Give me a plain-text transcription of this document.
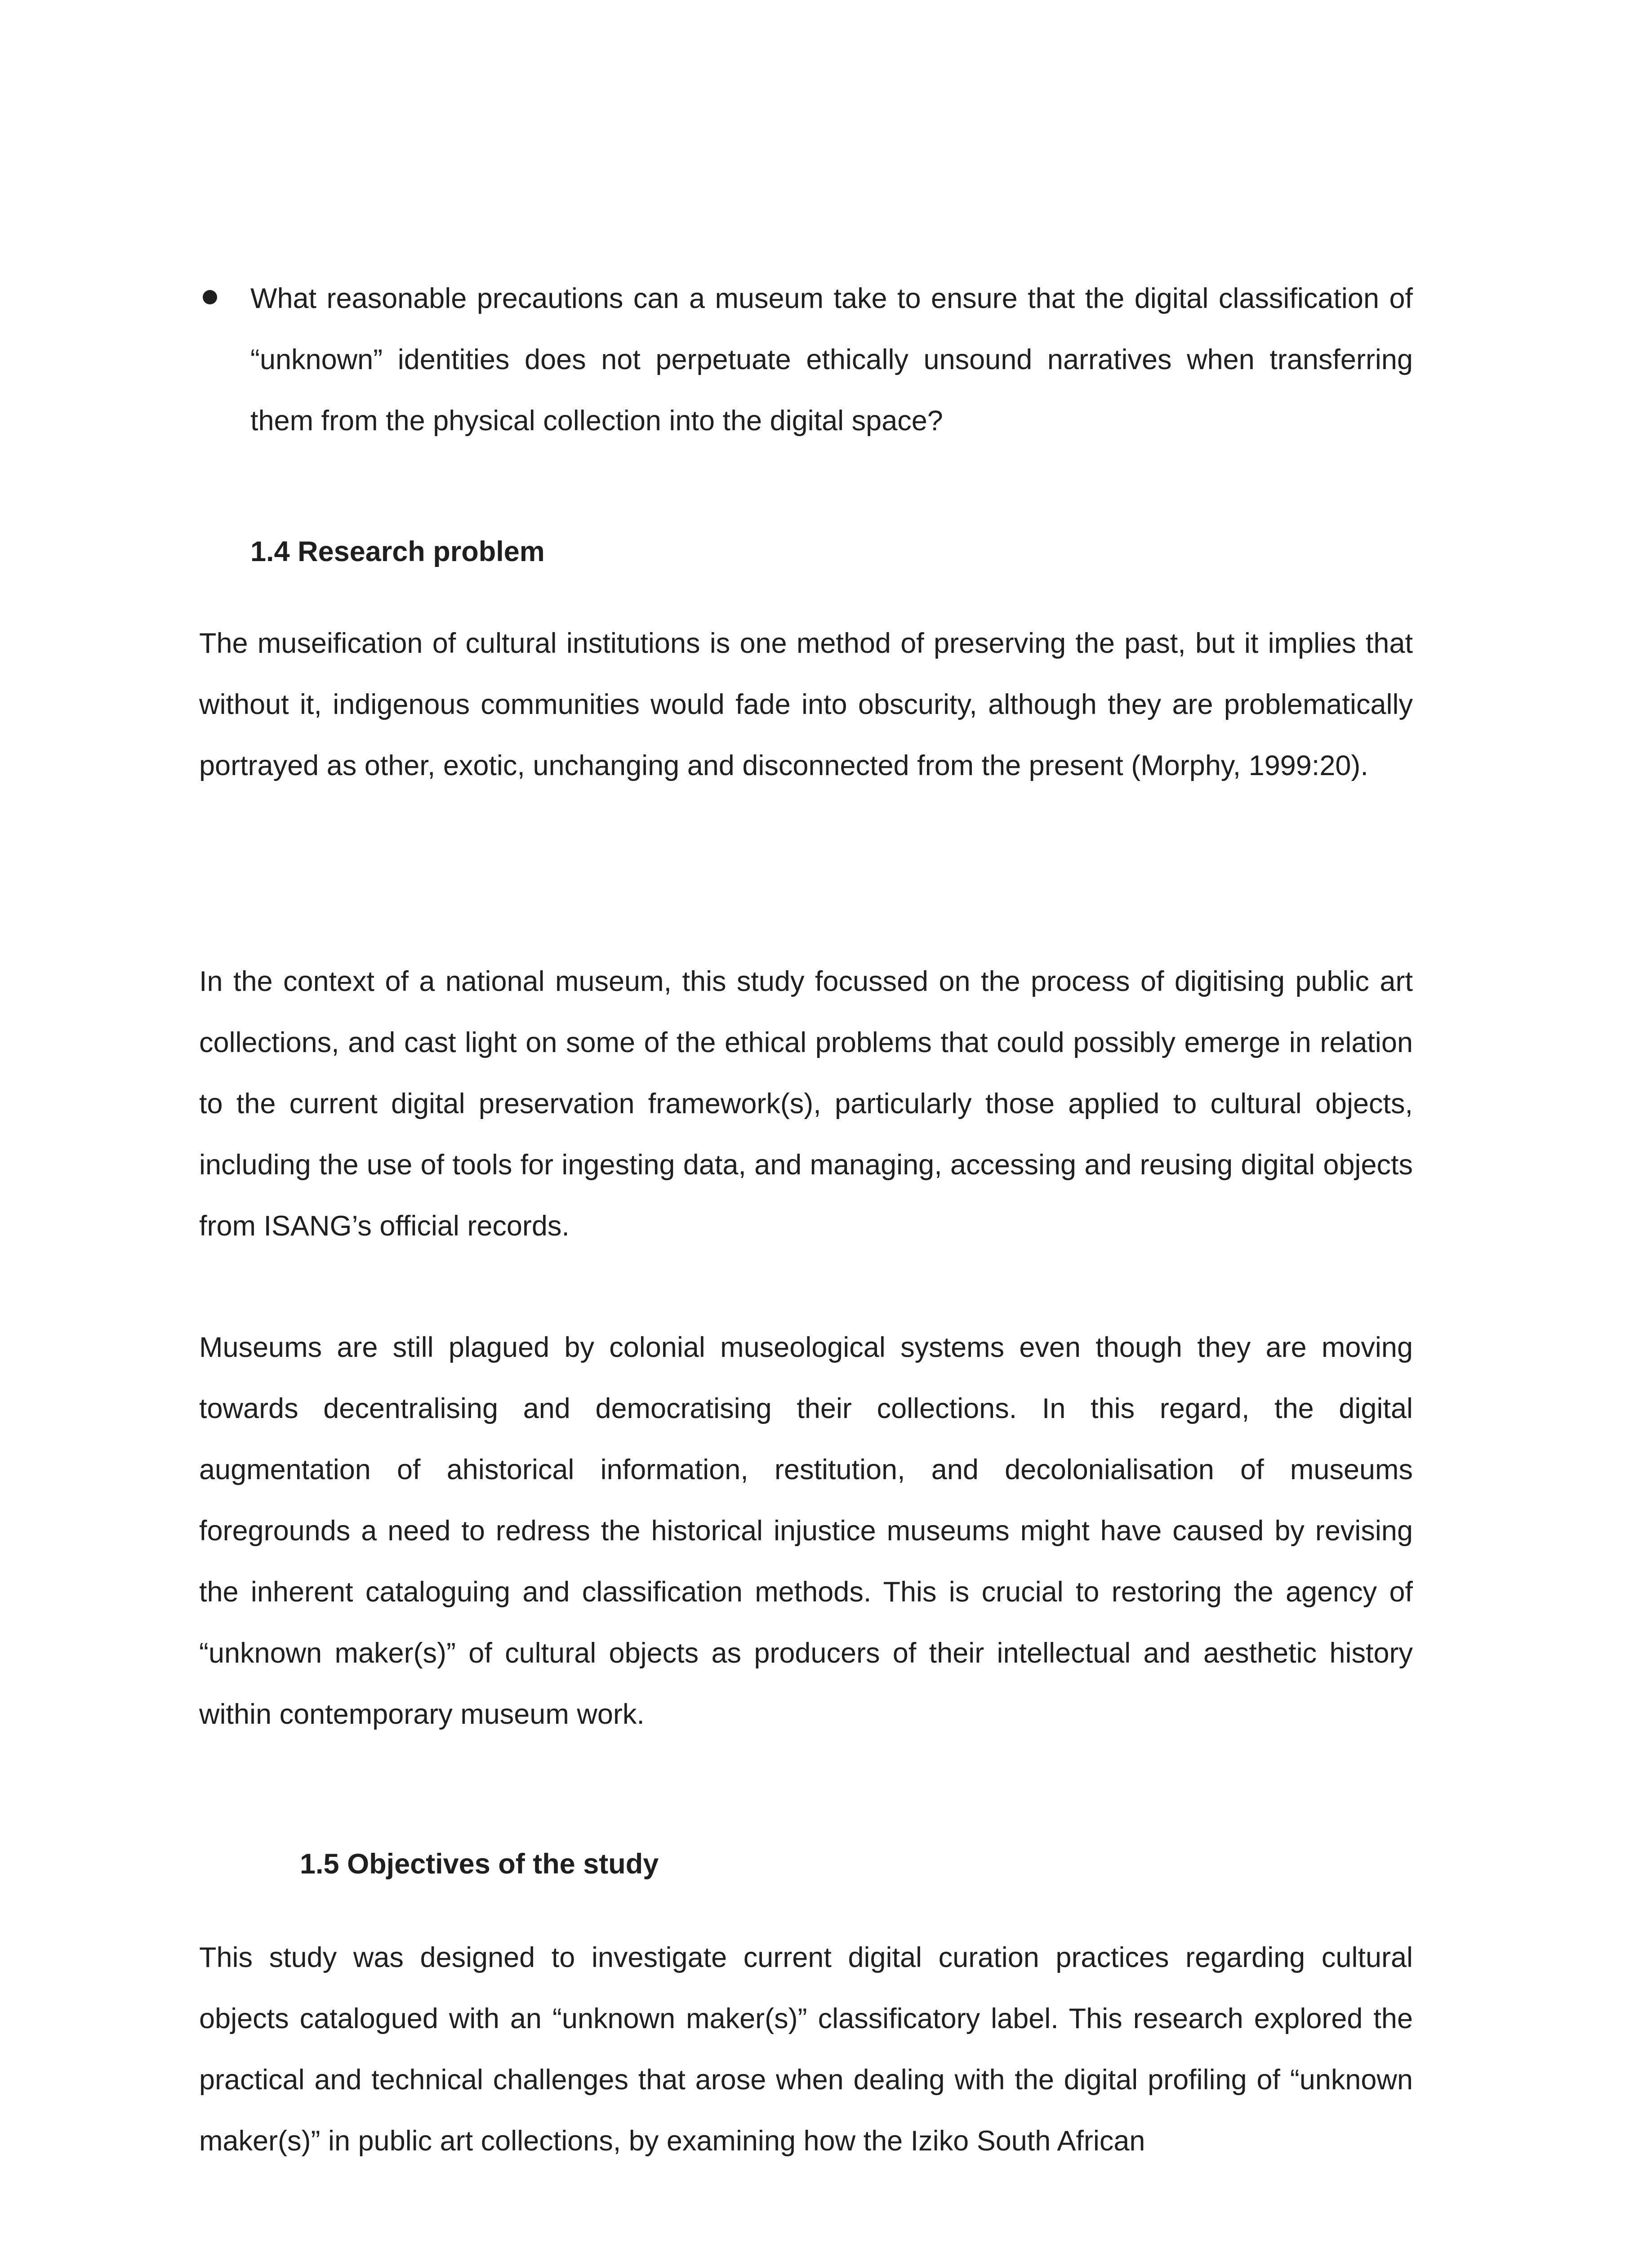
What reasonable precautions can a museum take to ensure that the digital classification of “unknown” identities does not perpetuate ethically unsound narratives when transferring them from the physical collection into the digital space?
1.4 Research problem
The museification of cultural institutions is one method of preserving the past, but it implies that without it, indigenous communities would fade into obscurity, although they are problematically portrayed as other, exotic, unchanging and disconnected from the present (Morphy, 1999:20).
In the context of a national museum, this study focussed on the process of digitising public art collections, and cast light on some of the ethical problems that could possibly emerge in relation to the current digital preservation framework(s), particularly those applied to cultural objects, including the use of tools for ingesting data, and managing, accessing and reusing digital objects from ISANG’s official records.
Museums are still plagued by colonial museological systems even though they are moving towards decentralising and democratising their collections. In this regard, the digital augmentation of ahistorical information, restitution, and decolonialisation of museums foregrounds a need to redress the historical injustice museums might have caused by revising the inherent cataloguing and classification methods. This is crucial to restoring the agency of “unknown maker(s)” of cultural objects as producers of their intellectual and aesthetic history within contemporary museum work.
1.5 Objectives of the study
This study was designed to investigate current digital curation practices regarding cultural objects catalogued with an “unknown maker(s)” classificatory label. This research explored the practical and technical challenges that arose when dealing with the digital profiling of “unknown maker(s)” in public art collections, by examining how the Iziko South African
